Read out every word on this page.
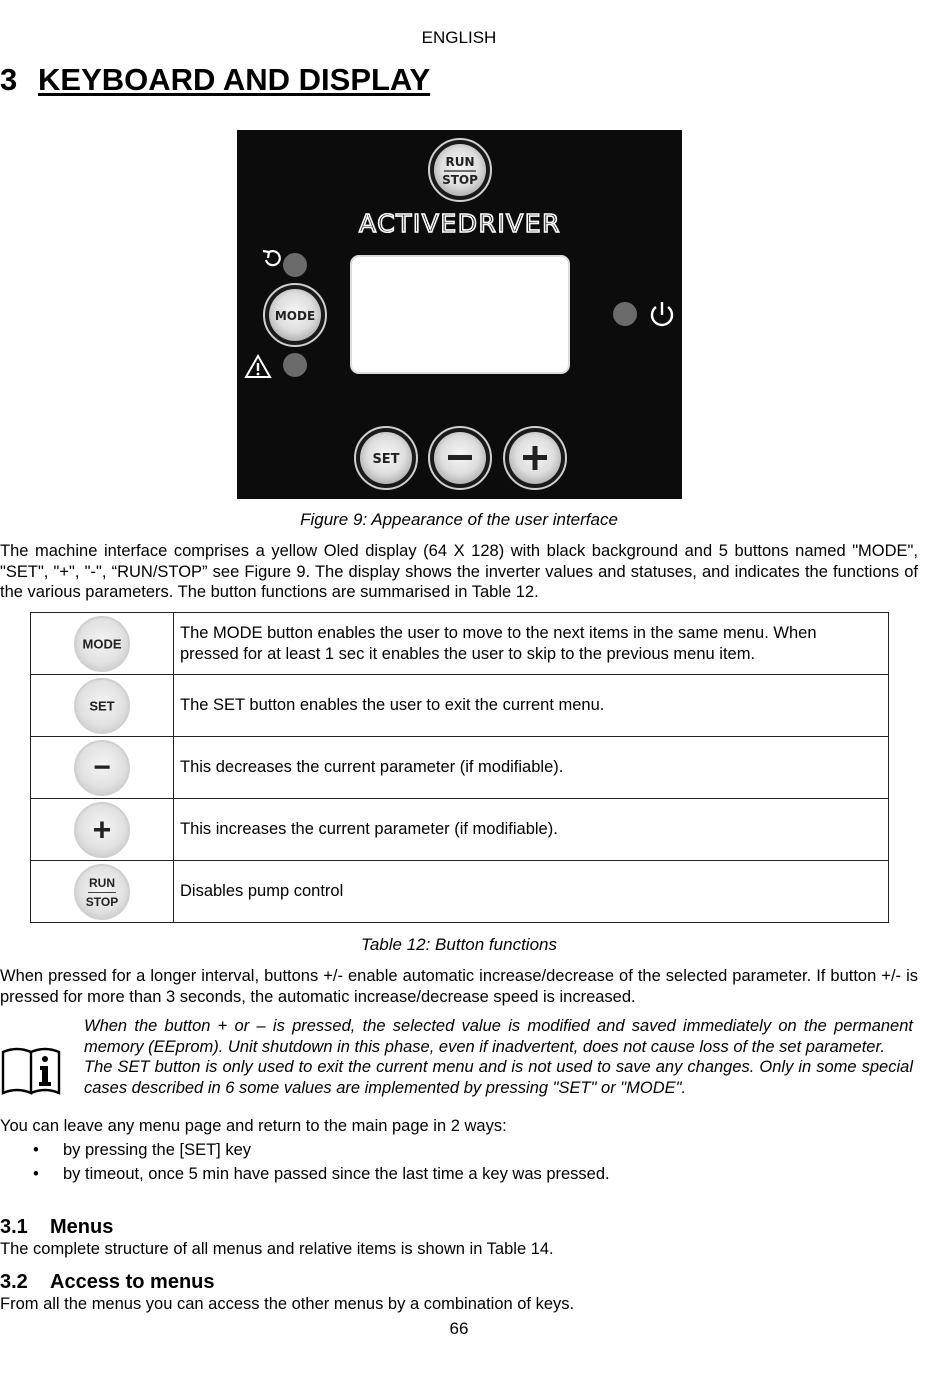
ENGLISH
3 KEYBOARD AND DISPLAY
RUN
STOP
ACTIVEDRIVER
MODE
SET
Figure 9: Appearance of the user interface
The machine interface comprises a yellow Oled display (64 X 128) with black background and 5 buttons named "MODE", "SET", "+", "-", “RUN/STOP” see Figure 9. The display shows the inverter values and statuses, and indicates the functions of the various parameters. The button functions are summarised in Table 12.
MODE	The MODE button enables the user to move to the next items in the same menu. When pressed for at least 1 sec it enables the user to skip to the previous menu item.

SET	The SET button enables the user to exit the current menu.

−	This decreases the current parameter (if modifiable).

+	This increases the current parameter (if modifiable).

RUN
STOP	Disables pump control
Table 12: Button functions
When pressed for a longer interval, buttons +/- enable automatic increase/decrease of the selected parameter. If button +/- is pressed for more than 3 seconds, the automatic increase/decrease speed is increased.

When the button + or – is pressed, the selected value is modified and saved immediately on the permanent memory (EEprom). Unit shutdown in this phase, even if inadvertent, does not cause loss of the set parameter.

The SET button is only used to exit the current menu and is not used to save any changes. Only in some special cases described in 6 some values are implemented by pressing "SET" or "MODE".

You can leave any menu page and return to the main page in 2 ways:
• by pressing the [SET] key
• by timeout, once 5 min have passed since the last time a key was pressed.
3.1 Menus
The complete structure of all menus and relative items is shown in Table 14.
3.2 Access to menus
From all the menus you can access the other menus by a combination of keys.
66
